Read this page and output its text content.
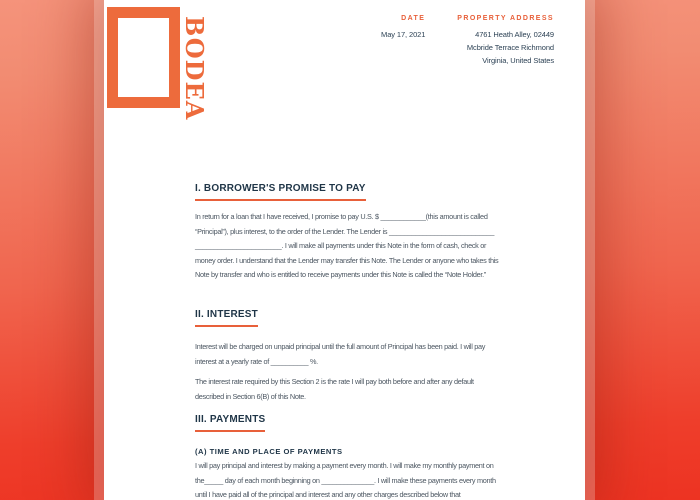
BODEA	DATE
May 17, 2021
PROPERTY ADDRESS
4761 Heath Alley, 02449
Mcbride Terrace Richmond
Virginia, United States
I. BORROWER'S PROMISE TO PAY
In return for a loan that I have received, I promise to pay U.S. $ ____________(this amount is called “Principal”), plus interest, to the order of the Lender. The Lender is ____________________________ _______________________. I will make all payments under this Note in the form of cash, check or money order. I understand that the Lender may transfer this Note. The Lender or anyone who takes this Note by transfer and who is entitled to receive payments under this Note is called the “Note Holder.”
II. INTEREST
Interest will be charged on unpaid principal until the full amount of Principal has been paid. I will pay interest at a yearly rate of __________ %.
The interest rate required by this Section 2 is the rate I will pay both before and after any default described in Section 6(B) of this Note.
III. PAYMENTS
(A) TIME AND PLACE OF PAYMENTS
I will pay principal and interest by making a payment every month. I will make my monthly payment on the_____ day of each month beginning on ______________. I will make these payments every month until I have paid all of the principal and interest and any other charges described below that
